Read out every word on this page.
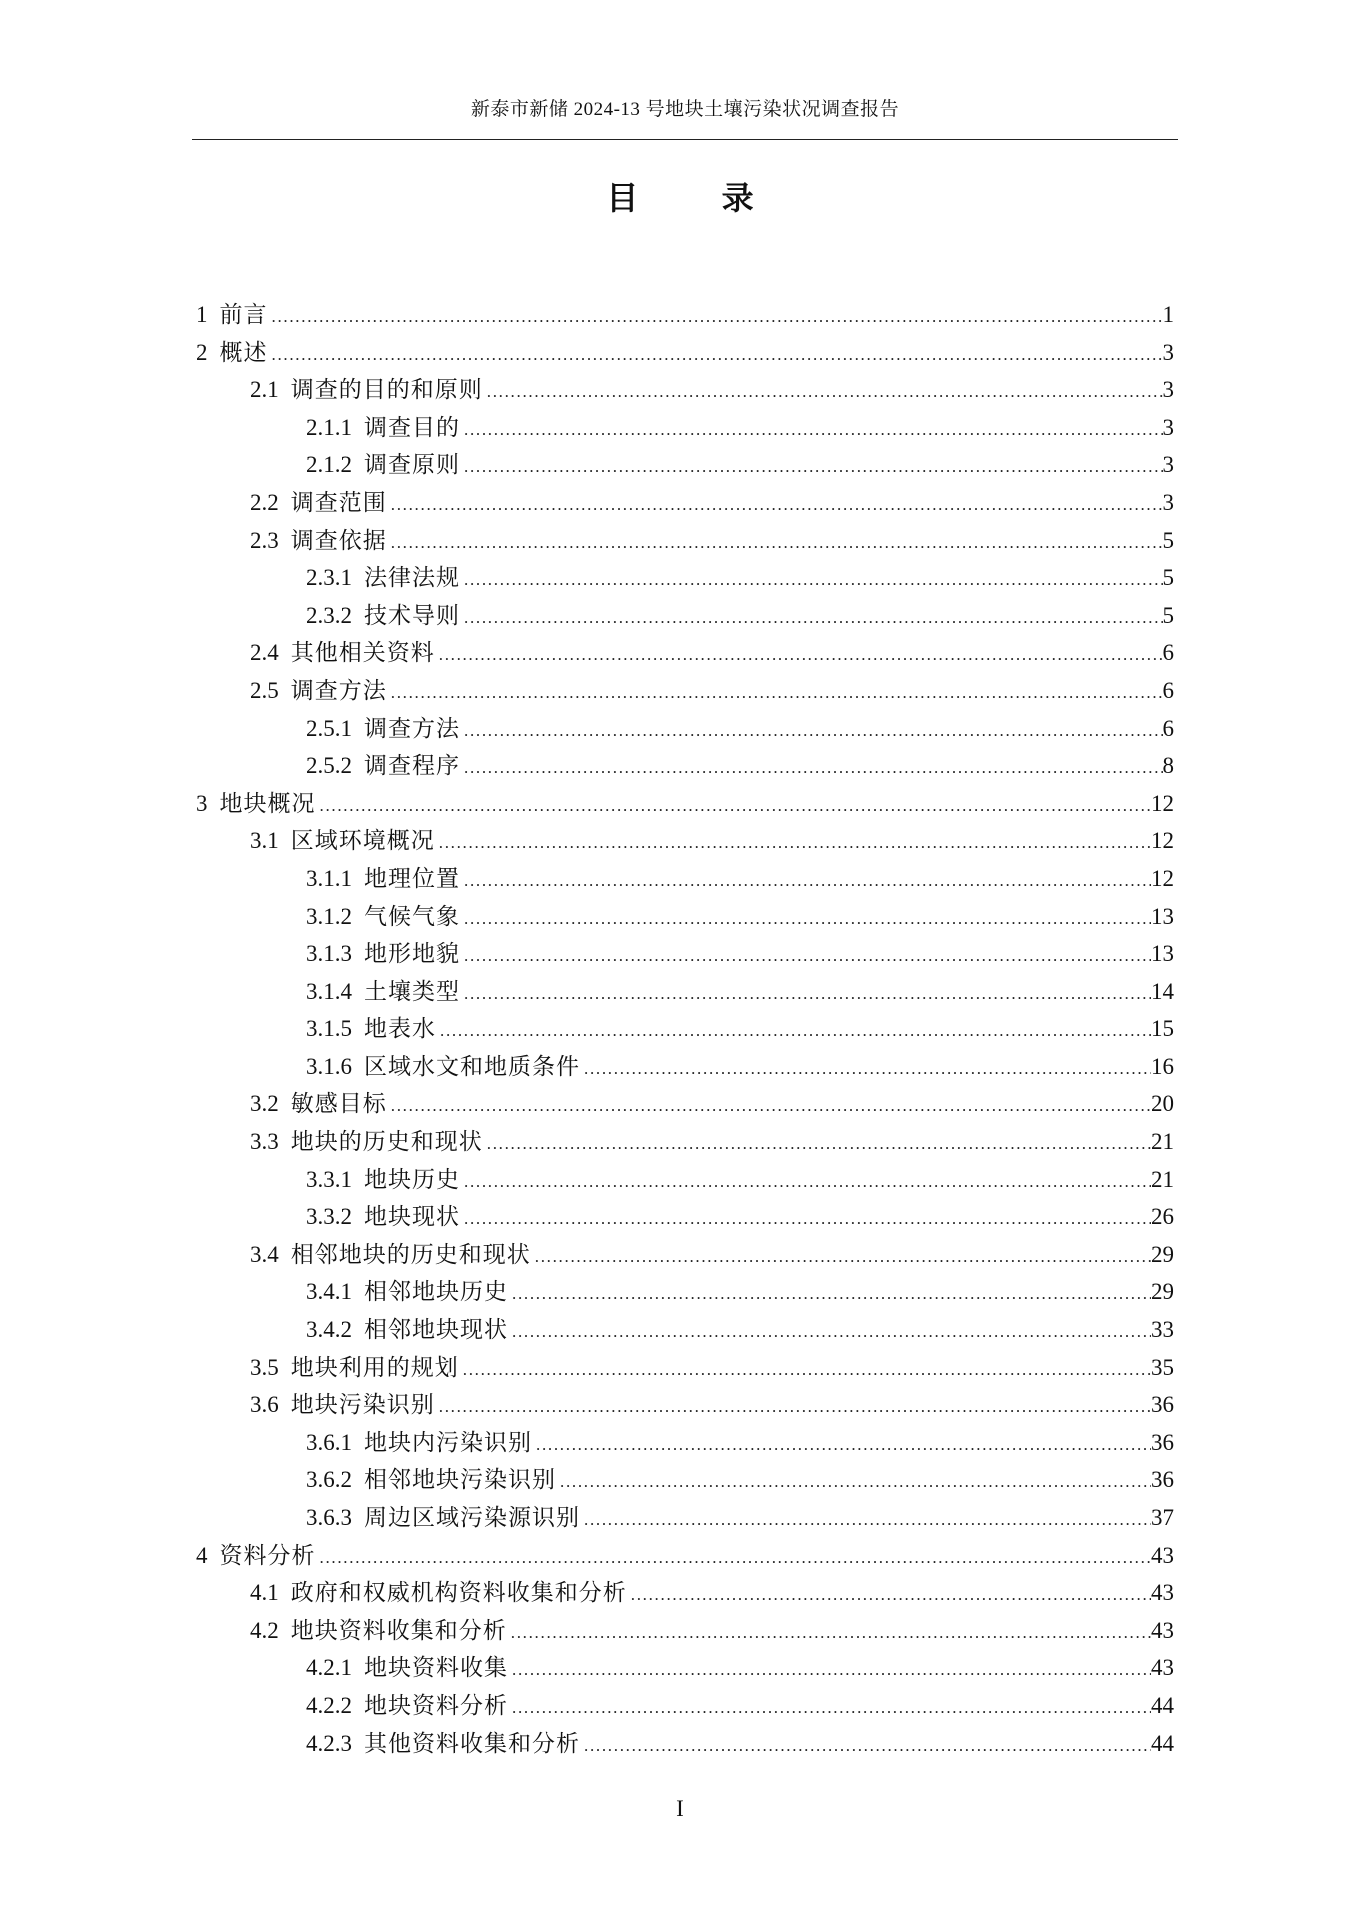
新泰市新储 2024-13 号地块土壤污染状况调查报告
目 录
1 前言 .....	1
2 概述 .....	3
2.1 调查的目的和原则 .....	3
2.1.1 调查目的 .....	3
2.1.2 调查原则 .....	3
2.2 调查范围 .....	3
2.3 调查依据 .....	5
2.3.1 法律法规 .....	5
2.3.2 技术导则 .....	5
2.4 其他相关资料 .....	6
2.5 调查方法 .....	6
2.5.1 调查方法 .....	6
2.5.2 调查程序 .....	8
3 地块概况 .....	12
3.1 区域环境概况 .....	12
3.1.1 地理位置 .....	12
3.1.2 气候气象 .....	13
3.1.3 地形地貌 .....	13
3.1.4 土壤类型 .....	14
3.1.5 地表水 .....	15
3.1.6 区域水文和地质条件 .....	16
3.2 敏感目标 .....	20
3.3 地块的历史和现状 .....	21
3.3.1 地块历史 .....	21
3.3.2 地块现状 .....	26
3.4 相邻地块的历史和现状 .....	29
3.4.1 相邻地块历史 .....	29
3.4.2 相邻地块现状 .....	33
3.5 地块利用的规划 .....	35
3.6 地块污染识别 .....	36
3.6.1 地块内污染识别 .....	36
3.6.2 相邻地块污染识别 .....	36
3.6.3 周边区域污染源识别 .....	37
4 资料分析 .....	43
4.1 政府和权威机构资料收集和分析 .....	43
4.2 地块资料收集和分析 .....	43
4.2.1 地块资料收集 .....	43
4.2.2 地块资料分析 .....	44
4.2.3 其他资料收集和分析 .....	44
I
